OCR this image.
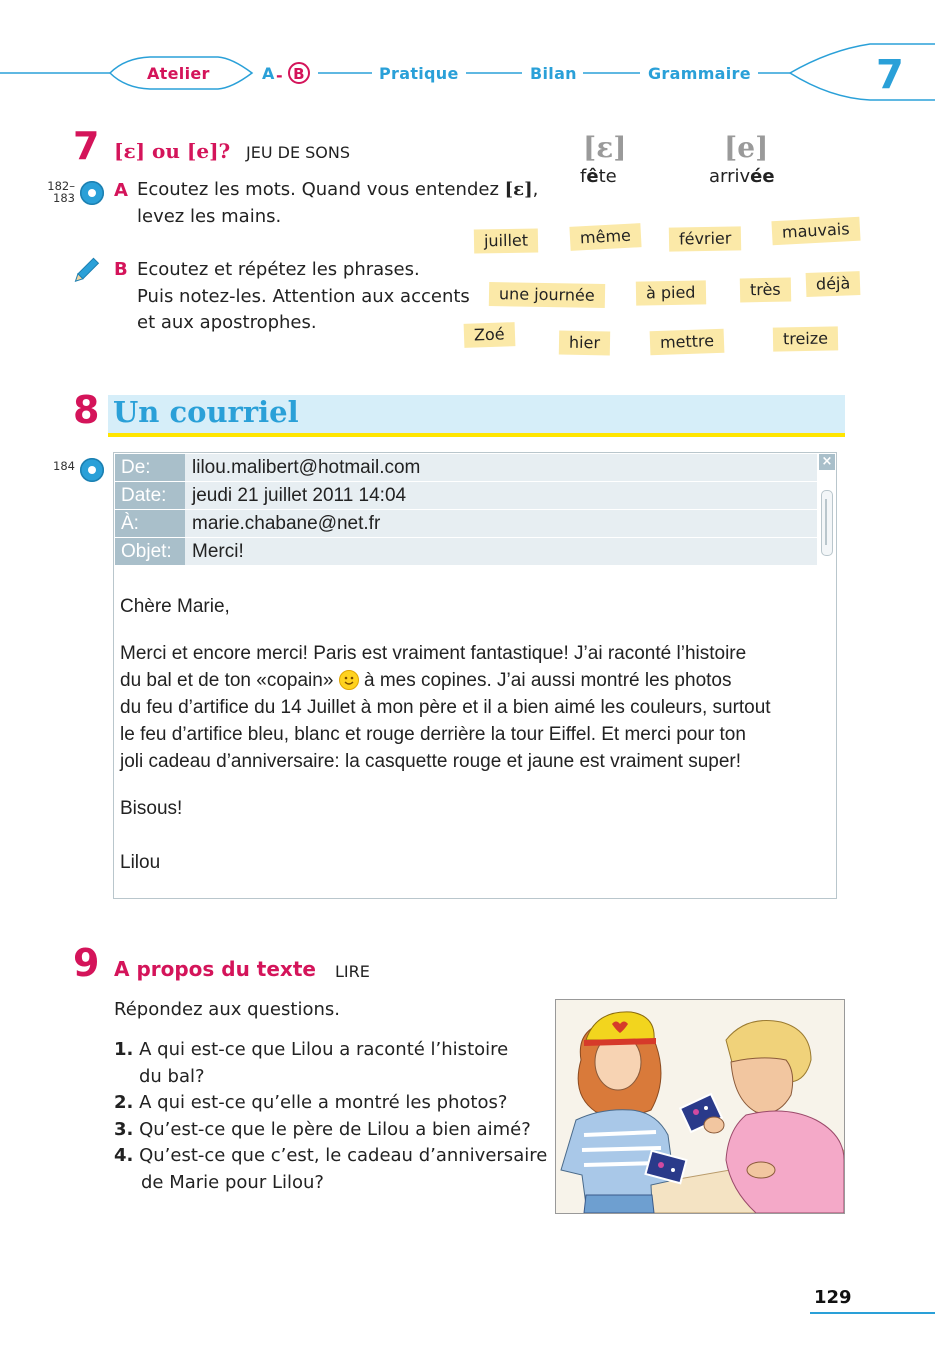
Atelier	A - B	Pratique	Bilan	Grammaire	7
7 [ɛ] ou [e]? JEU DE SONS
182–
183 A Ecoutez les mots. Quand vous entendez [ɛ],
levez les mains.
B Ecoutez et répétez les phrases.
Puis notez-les. Attention aux accents
et aux apostrophes.
[ɛ]
fête
[e]
arrivée
juillet	même	février	mauvais
une journée	à pied	très	déjà
Zoé	hier	mettre	treize
8 Un courriel
184	×
De:	lilou.malibert@hotmail.com
Date:	jeudi 21 juillet 2011 14:04
À:	marie.chabane@net.fr
Objet:	Merci!
Chère Marie,
Merci et encore merci! Paris est vraiment fantastique! J’ai raconté l’histoire
du bal et de ton «copain» à mes copines. J’ai aussi montré les photos
du feu d’artifice du 14 Juillet à mon père et il a bien aimé les couleurs, surtout
le feu d’artifice bleu, blanc et rouge derrière la tour Eiffel. Et merci pour ton
joli cadeau d’anniversaire: la casquette rouge et jaune est vraiment super!
Bisous!
Lilou
9 A propos du texte LIRE
Répondez aux questions.
1. A qui est-ce que Lilou a raconté l’histoire
du bal?
2. A qui est-ce qu’elle a montré les photos?
3. Qu’est-ce que le père de Lilou a bien aimé?
4. Qu’est-ce que c’est, le cadeau d’anniversaire
de Marie pour Lilou?
129
